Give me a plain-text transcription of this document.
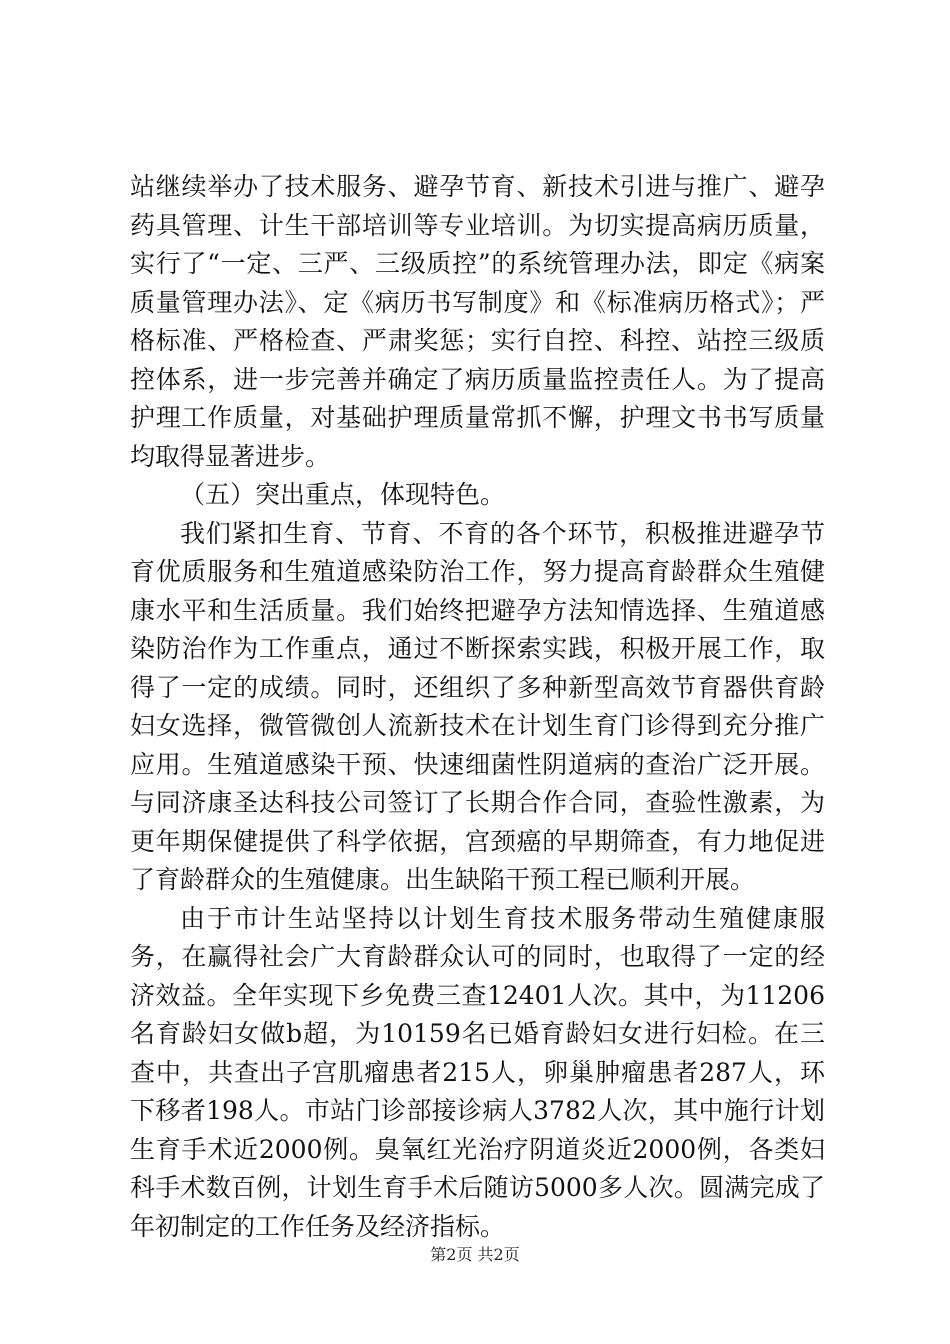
站继续举办了技术服务、避孕节育、新技术引进与推广、避孕药具管理、计生干部培训等专业培训。为切实提高病历质量，实行了“一定、三严、三级质控”的系统管理办法，即定《病案质量管理办法》、定《病历书写制度》和《标准病历格式》；严格标准、严格检查、严肃奖惩；实行自控、科控、站控三级质控体系，进一步完善并确定了病历质量监控责任人。为了提高护理工作质量，对基础护理质量常抓不懈，护理文书书写质量均取得显著进步。

（五）突出重点，体现特色。

我们紧扣生育、节育、不育的各个环节，积极推进避孕节育优质服务和生殖道感染防治工作，努力提高育龄群众生殖健康水平和生活质量。我们始终把避孕方法知情选择、生殖道感染防治作为工作重点，通过不断探索实践，积极开展工作，取得了一定的成绩。同时，还组织了多种新型高效节育器供育龄妇女选择，微管微创人流新技术在计划生育门诊得到充分推广应用。生殖道感染干预、快速细菌性阴道病的查治广泛开展。与同济康圣达科技公司签订了长期合作合同，查验性激素，为更年期保健提供了科学依据，宫颈癌的早期筛查，有力地促进了育龄群众的生殖健康。出生缺陷干预工程已顺利开展。

由于市计生站坚持以计划生育技术服务带动生殖健康服务，在赢得社会广大育龄群众认可的同时，也取得了一定的经济效益。全年实现下乡免费三查12401人次。其中，为11206名育龄妇女做b超，为10159名已婚育龄妇女进行妇检。在三查中，共查出子宫肌瘤患者215人，卵巢肿瘤患者287人，环下移者198人。市站门诊部接诊病人3782人次，其中施行计划生育手术近2000例。臭氧红光治疗阴道炎近2000例，各类妇科手术数百例，计划生育手术后随访5000多人次。圆满完成了年初制定的工作任务及经济指标。

第2页 共2页
